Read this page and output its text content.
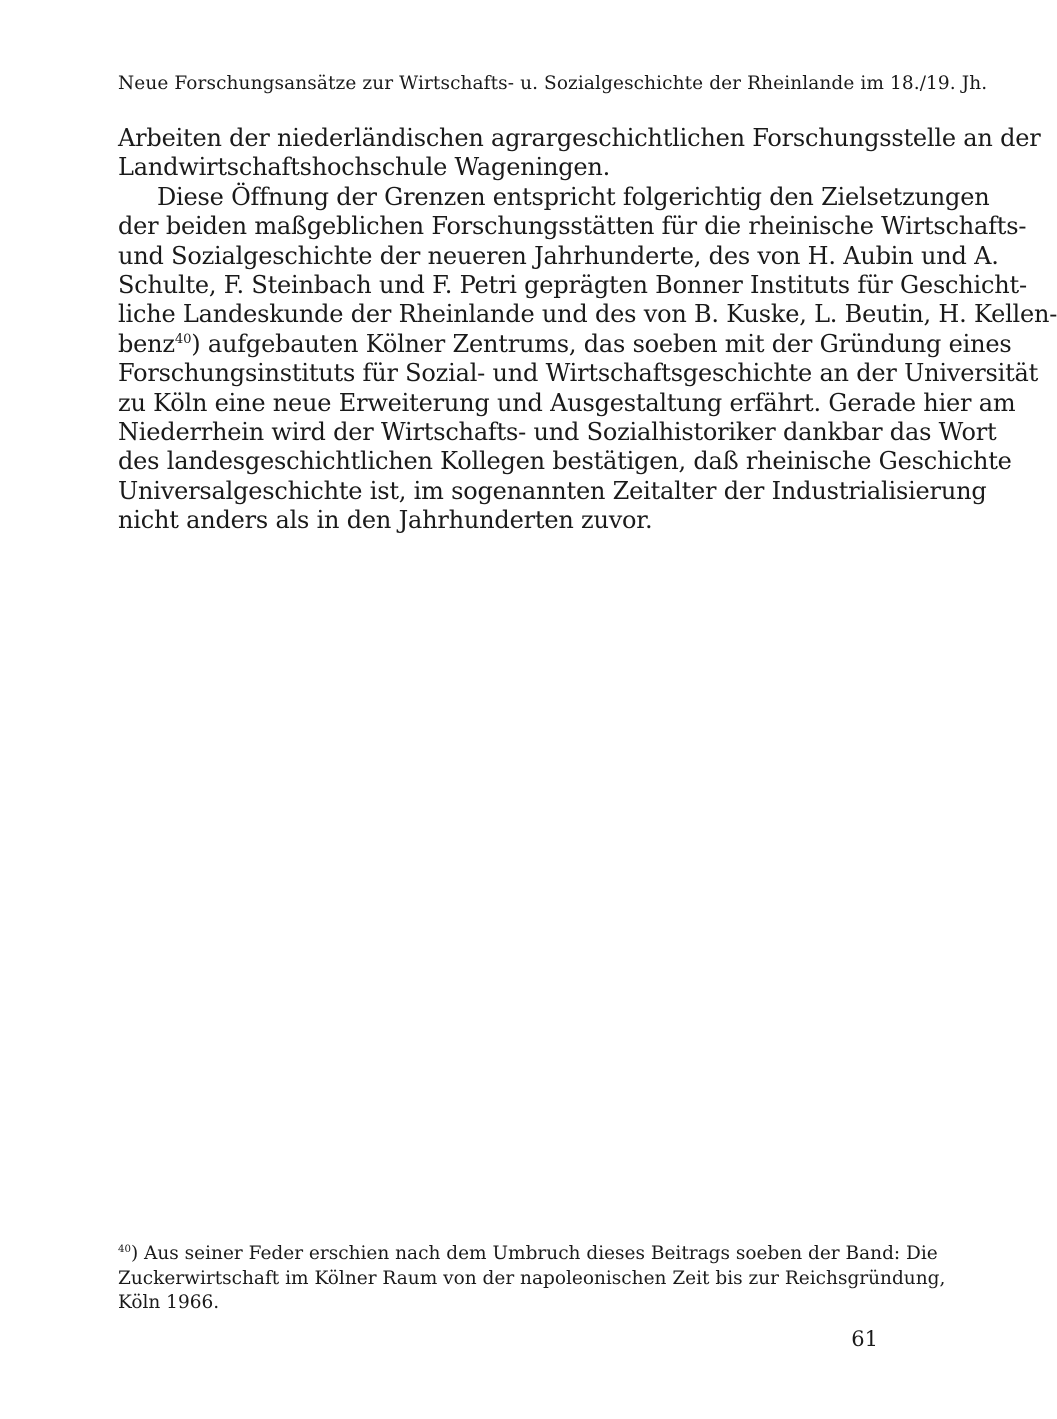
Neue Forschungsansätze zur Wirtschafts- u. Sozialgeschichte der Rheinlande im 18./19. Jh.

Arbeiten der niederländischen agrargeschichtlichen Forschungsstelle an der
Landwirtschaftshochschule Wageningen.

Diese Öffnung der Grenzen entspricht folgerichtig den Zielsetzungen
der beiden maßgeblichen Forschungsstätten für die rheinische Wirtschafts-
und Sozialgeschichte der neueren Jahrhunderte, des von H. Aubin und A.
Schulte, F. Steinbach und F. Petri geprägten Bonner Instituts für Geschicht-
liche Landeskunde der Rheinlande und des von B. Kuske, L. Beutin, H. Kellen-
benz$^{40}$) aufgebauten Kölner Zentrums, das soeben mit der Gründung eines
Forschungsinstituts für Sozial- und Wirtschaftsgeschichte an der Universität
zu Köln eine neue Erweiterung und Ausgestaltung erfährt. Gerade hier am
Niederrhein wird der Wirtschafts- und Sozialhistoriker dankbar das Wort
des landesgeschichtlichen Kollegen bestätigen, daß rheinische Geschichte
Universalgeschichte ist, im sogenannten Zeitalter der Industrialisierung
nicht anders als in den Jahrhunderten zuvor.

$^{40}$) Aus seiner Feder erschien nach dem Umbruch dieses Beitrags soeben der Band: Die
Zuckerwirtschaft im Kölner Raum von der napoleonischen Zeit bis zur Reichsgründung,
Köln 1966.
61
